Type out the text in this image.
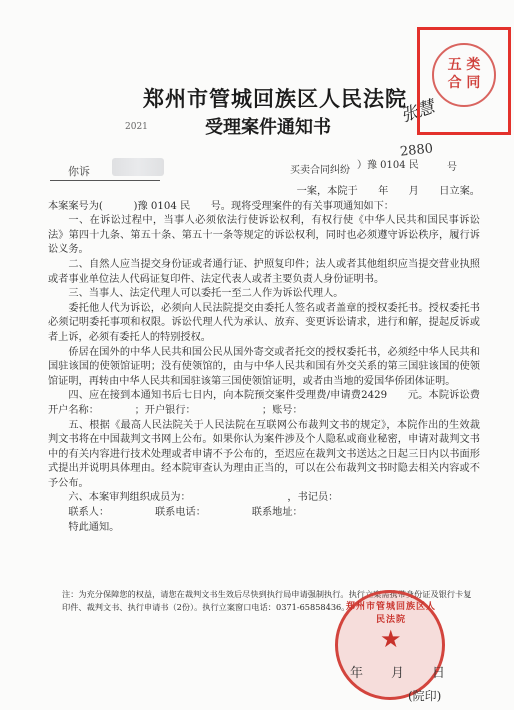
郑州市管城回族区人民法院
2021	受理案件通知书
张慧
五 类
合 同
你诉	买卖合同纠纷 ）豫 0104 民
2880
号

一案，本院于　　年　　月　　日立案。

本案案号为(　　　)豫 0104 民　　号。现将受理案件的有关事项通知如下：

一、在诉讼过程中，当事人必须依法行使诉讼权利，有权行使《中华人民共和国民事诉讼法》第四十九条、第五十条、第五十一条等规定的诉讼权利，同时也必须遵守诉讼秩序，履行诉讼义务。

二、自然人应当提交身份证或者通行证、护照复印件；法人或者其他组织应当提交营业执照或者事业单位法人代码证复印件、法定代表人或者主要负责人身份证明书。

三、当事人、法定代理人可以委托一至二人作为诉讼代理人。

委托他人代为诉讼，必须向人民法院提交由委托人签名或者盖章的授权委托书。授权委托书必须记明委托事项和权限。诉讼代理人代为承认、放弃、变更诉讼请求，进行和解，提起反诉或者上诉，必须有委托人的特别授权。

侨居在国外的中华人民共和国公民从国外寄交或者托交的授权委托书，必须经中华人民共和国驻该国的使领馆证明；没有使领馆的，由与中华人民共和国有外交关系的第三国驻该国的使领馆证明，再转由中华人民共和国驻该第三国使领馆证明，或者由当地的爱国华侨团体证明。

四、应在接到本通知书后七日内，向本院预交案件受理费/申请费2429　　元。本院诉讼费开户名称：　　　　；开户银行：　　　　　　　；账号：

五、根据《最高人民法院关于人民法院在互联网公布裁判文书的规定》，本院作出的生效裁判文书将在中国裁判文书网上公布。如果你认为案件涉及个人隐私或商业秘密，申请对裁判文书中的有关内容进行技术处理或者申请不予公布的，至迟应在裁判文书送达之日起三日内以书面形式提出并说明具体理由。经本院审查认为理由正当的，可以在公布裁判文书时隐去相关内容或不予公布。

六、本案审判组织成员为：　　　　　　　　　　，书记员：

联系人：　　　　　联系电话：　　　　　联系地址：

特此通知。

注：为充分保障您的权益，请您在裁判文书生效后尽快到执行局申请强制执行。执行立案需携带身份证及银行卡复印件、裁判文书、执行申请书（2份）。执行立案窗口电话：0371-65858436。
郑州市管城回族区人民法院
★
年月日
(院印)
